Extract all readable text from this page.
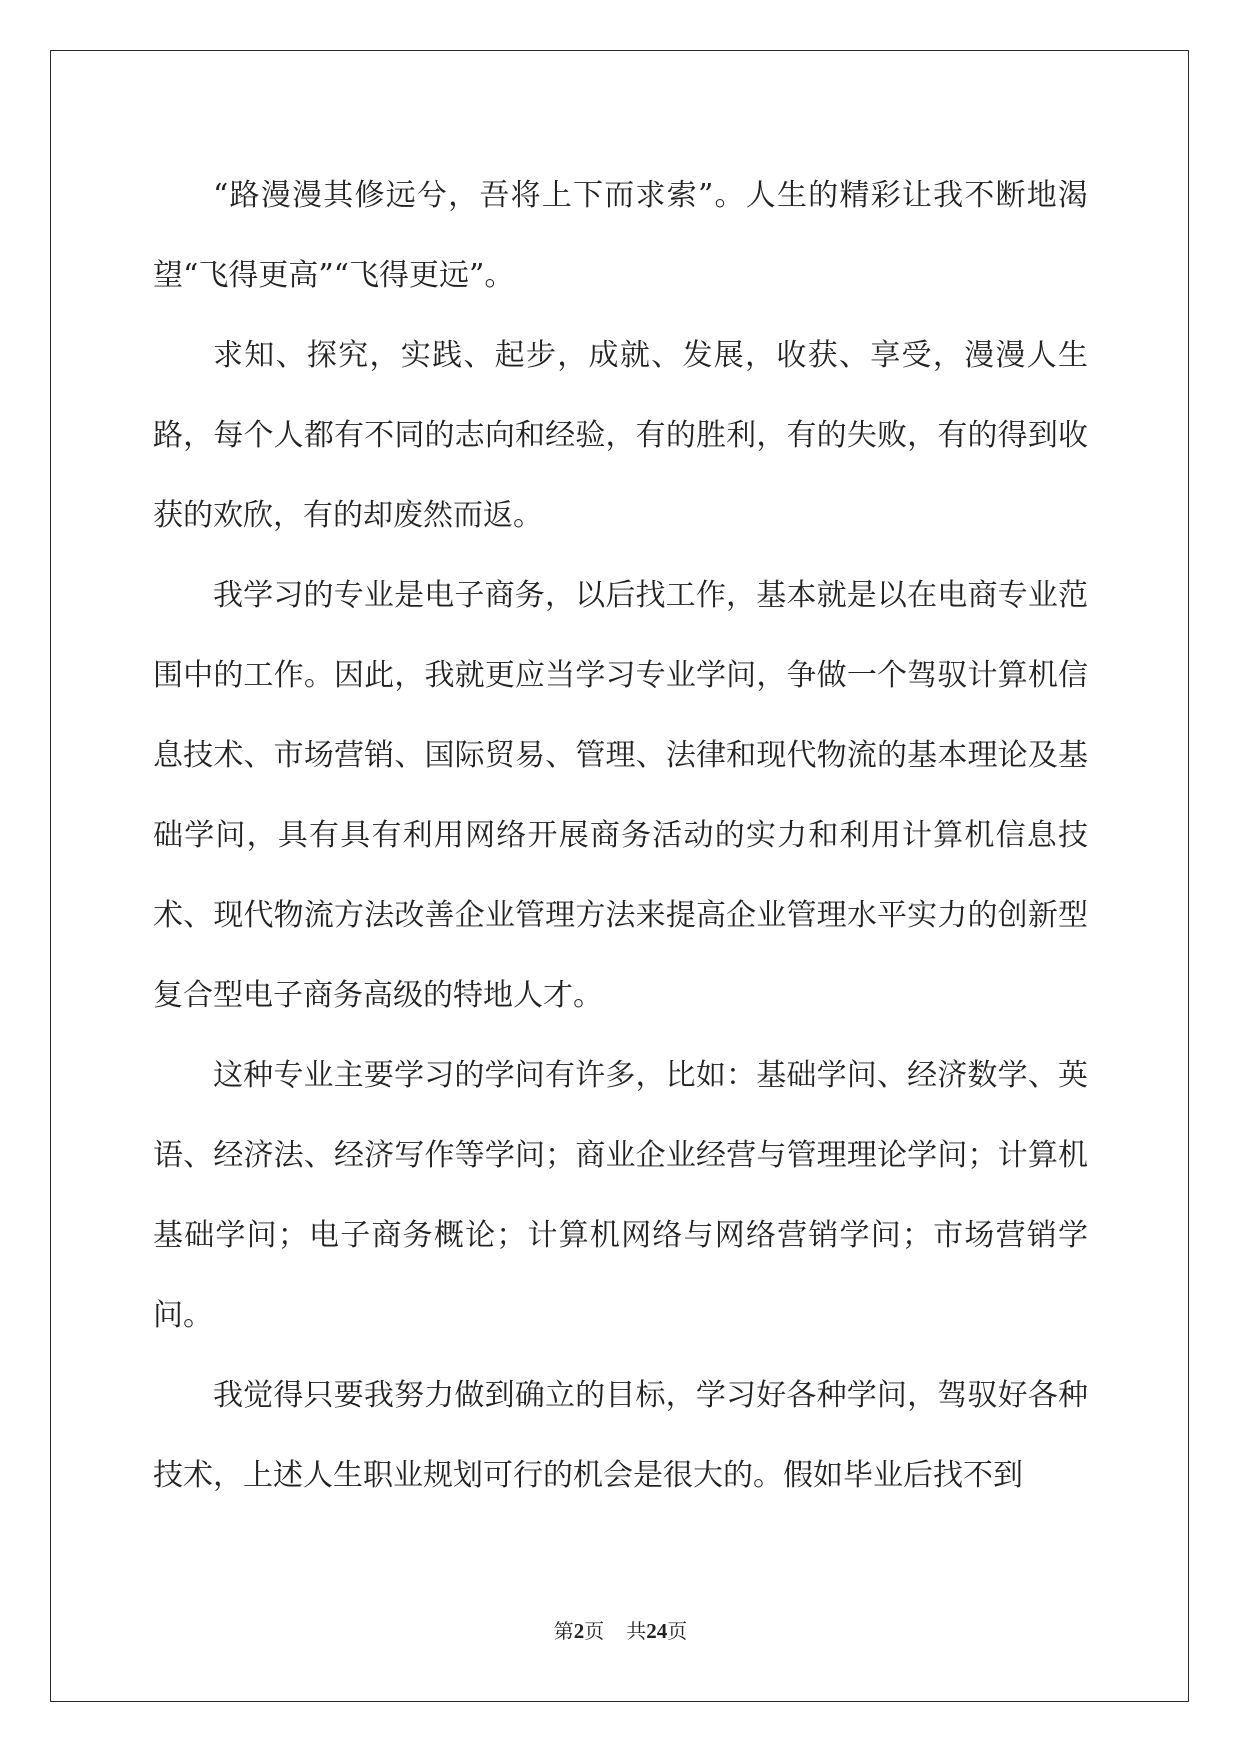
“路漫漫其修远兮，吾将上下而求索”。人生的精彩让我不断地渴望“飞得更高”“飞得更远”。

求知、探究，实践、起步，成就、发展，收获、享受，漫漫人生路，每个人都有不同的志向和经验，有的胜利，有的失败，有的得到收获的欢欣，有的却废然而返。

我学习的专业是电子商务，以后找工作，基本就是以在电商专业范围中的工作。因此，我就更应当学习专业学问，争做一个驾驭计算机信息技术、市场营销、国际贸易、管理、法律和现代物流的基本理论及基础学问，具有具有利用网络开展商务活动的实力和利用计算机信息技术、现代物流方法改善企业管理方法来提高企业管理水平实力的创新型复合型电子商务高级的特地人才。

这种专业主要学习的学问有许多，比如：基础学问、经济数学、英语、经济法、经济写作等学问；商业企业经营与管理理论学问；计算机基础学问；电子商务概论；计算机网络与网络营销学问；市场营销学问。

我觉得只要我努力做到确立的目标，学习好各种学问，驾驭好各种技术，上述人生职业规划可行的机会是很大的。假如毕业后找不到

第2页 共24页
